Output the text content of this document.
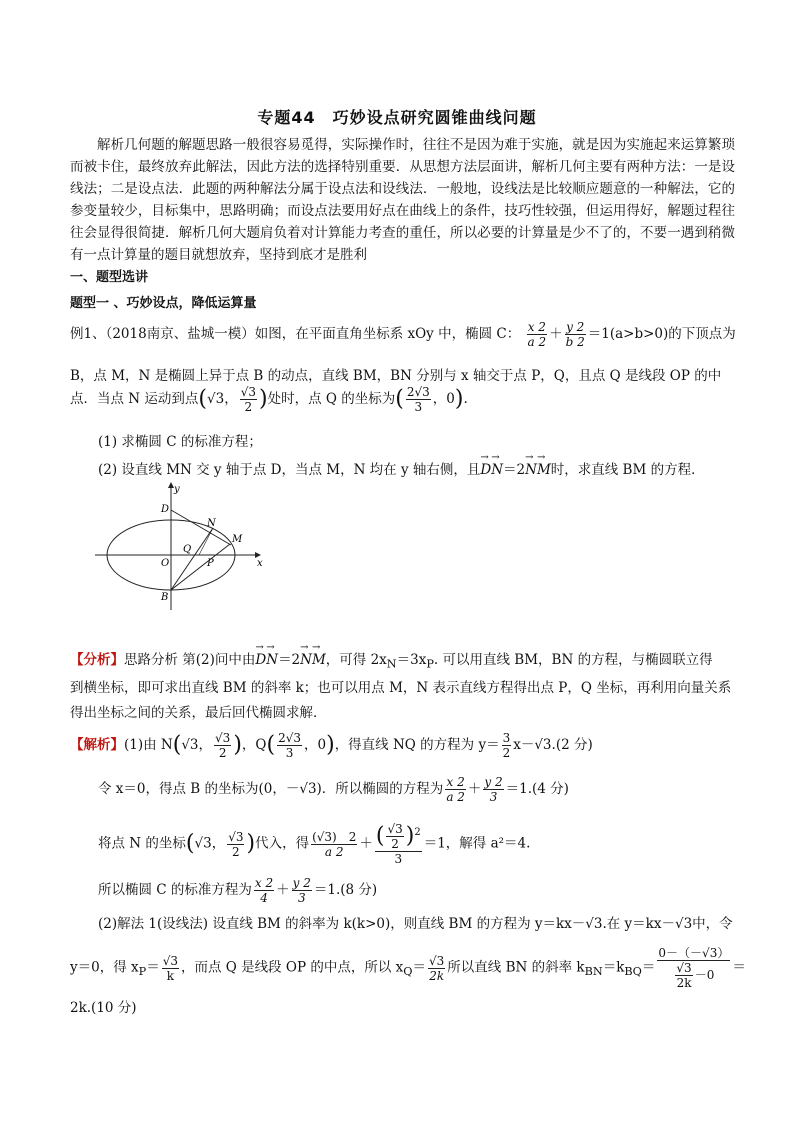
专题44　巧妙设点研究圆锥曲线问题
解析几何题的解题思路一般很容易觅得，实际操作时，往往不是因为难于实施，就是因为实施起来运算繁琐而被卡住，最终放弃此解法，因此方法的选择特别重要．从思想方法层面讲，解析几何主要有两种方法：一是设线法；二是设点法．此题的两种解法分属于设点法和设线法．一般地，设线法是比较顺应题意的一种解法，它的参变量较少，目标集中，思路明确；而设点法要用好点在曲线上的条件，技巧性较强，但运用得好，解题过程往往会显得很简捷．解析几何大题肩负着对计算能力考查的重任，所以必要的计算量是少不了的，不要一遇到稍微有一点计算量的题目就想放弃，坚持到底才是胜利
一、题型选讲
题型一 、巧妙设点，降低运算量
例1、（2018南京、盐城一模）如图，在平面直角坐标系 xOy 中，椭圆 C： $\frac{x 2}{a 2} + \frac{y 2}{b 2} =1(a>b>0)$的下顶点为
B，点 M，N 是椭圆上异于点 B 的动点，直线 BM，BN 分别与 x 轴交于点 P，Q，且点 Q 是线段 OP 的中
点．当点 N 运动到点(√3， $\frac{√3}{2}$ )处时，点 Q 的坐标为( $\frac{2√3}{3}$ ，0).
(1) 求椭圆 C 的标准方程；
(2) 设直线 MN 交 y 轴于点 D，当点 M，N 均在 y 轴右侧，且→ D→ N＝2→ N→ M时，求直线 BM 的方程．
y
x
O
D
N
M
Q
P
B
【分析】思路分析 第(2)问中由→ D→ N＝2→ N→ M，可得 $2x_N=3x_P$. 可以用直线 BM，BN 的方程，与椭圆联立得
到横坐标，即可求出直线 BM 的斜率 k；也可以用点 M，N 表示直线方程得出点 P，Q 坐标，再利用向量关系
得出坐标之间的关系，最后回代椭圆求解．
【解析】(1)由 N(√3， $\frac{√3}{2}$ )，$Q( \frac{2√3}{3}$ ，0)，得直线 NQ 的方程为 $y= \frac{3}{2} x-√3.(2$ 分)
令 x＝0，得点 B 的坐标为(0，－√3)．所以椭圆的方程为 $\frac{x 2}{a 2} + \frac{y 2}{3} =1.(4$ 分)
将点 N 的坐标(√3， $\frac{√3}{2}$ )代入，得 $\frac{(√3) 2}{a 2} + \frac{( \frac{√3}{2} )^2}{3} =1$，解得 a²＝4.
所以椭圆 C 的标准方程为 $\frac{x 2}{4} + \frac{y 2}{3} =1.(8$ 分)
(2)解法 1(设线法) 设直线 BM 的斜率为 k(k>0)，则直线 BM 的方程为 y＝kx－√3.在 y＝kx－√3中，令
y＝0，得 $x_P= \frac{√3}{k}$ ，而点 Q 是线段 OP 的中点，所以 $x_Q= \frac{√3}{2k}$ 所以直线 BN 的斜率 $k_{BN}=k_{BQ}= \frac{0-(-√3)}{\frac{√3}{2k} -0}$ ＝
2k.(10 分)
